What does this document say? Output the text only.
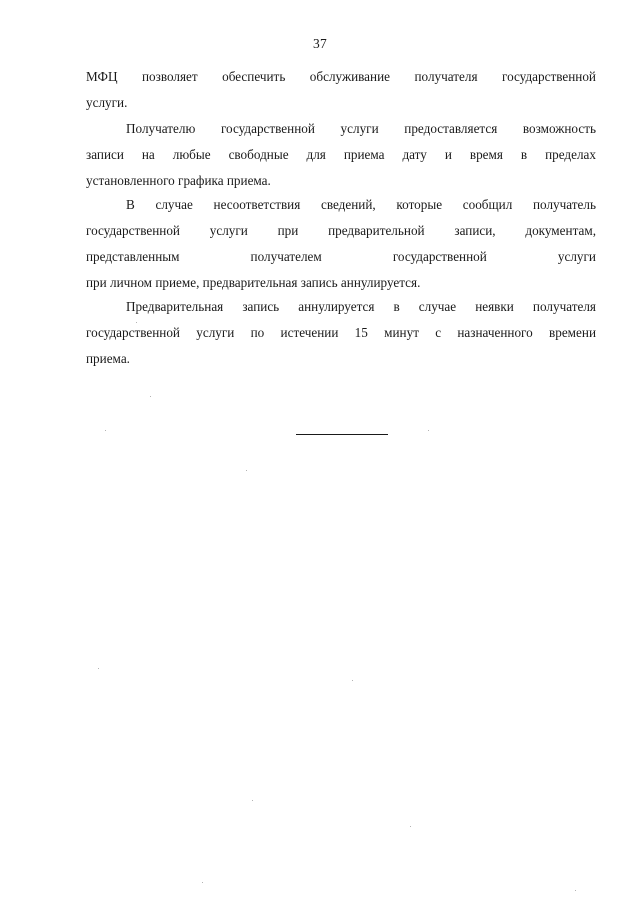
37
МФЦ позволяет обеспечить обслуживание получателя государственной
услуги.
Получателю государственной услуги предоставляется возможность
записи на любые свободные для приема дату и время в пределах
установленного графика приема.
В случае несоответствия сведений, которые сообщил получатель
государственной услуги при предварительной записи, документам,
представленным получателем государственной услуги
при личном приеме, предварительная запись аннулируется.
Предварительная запись аннулируется в случае неявки получателя
государственной услуги по истечении 15 минут с назначенного времени
приема.
